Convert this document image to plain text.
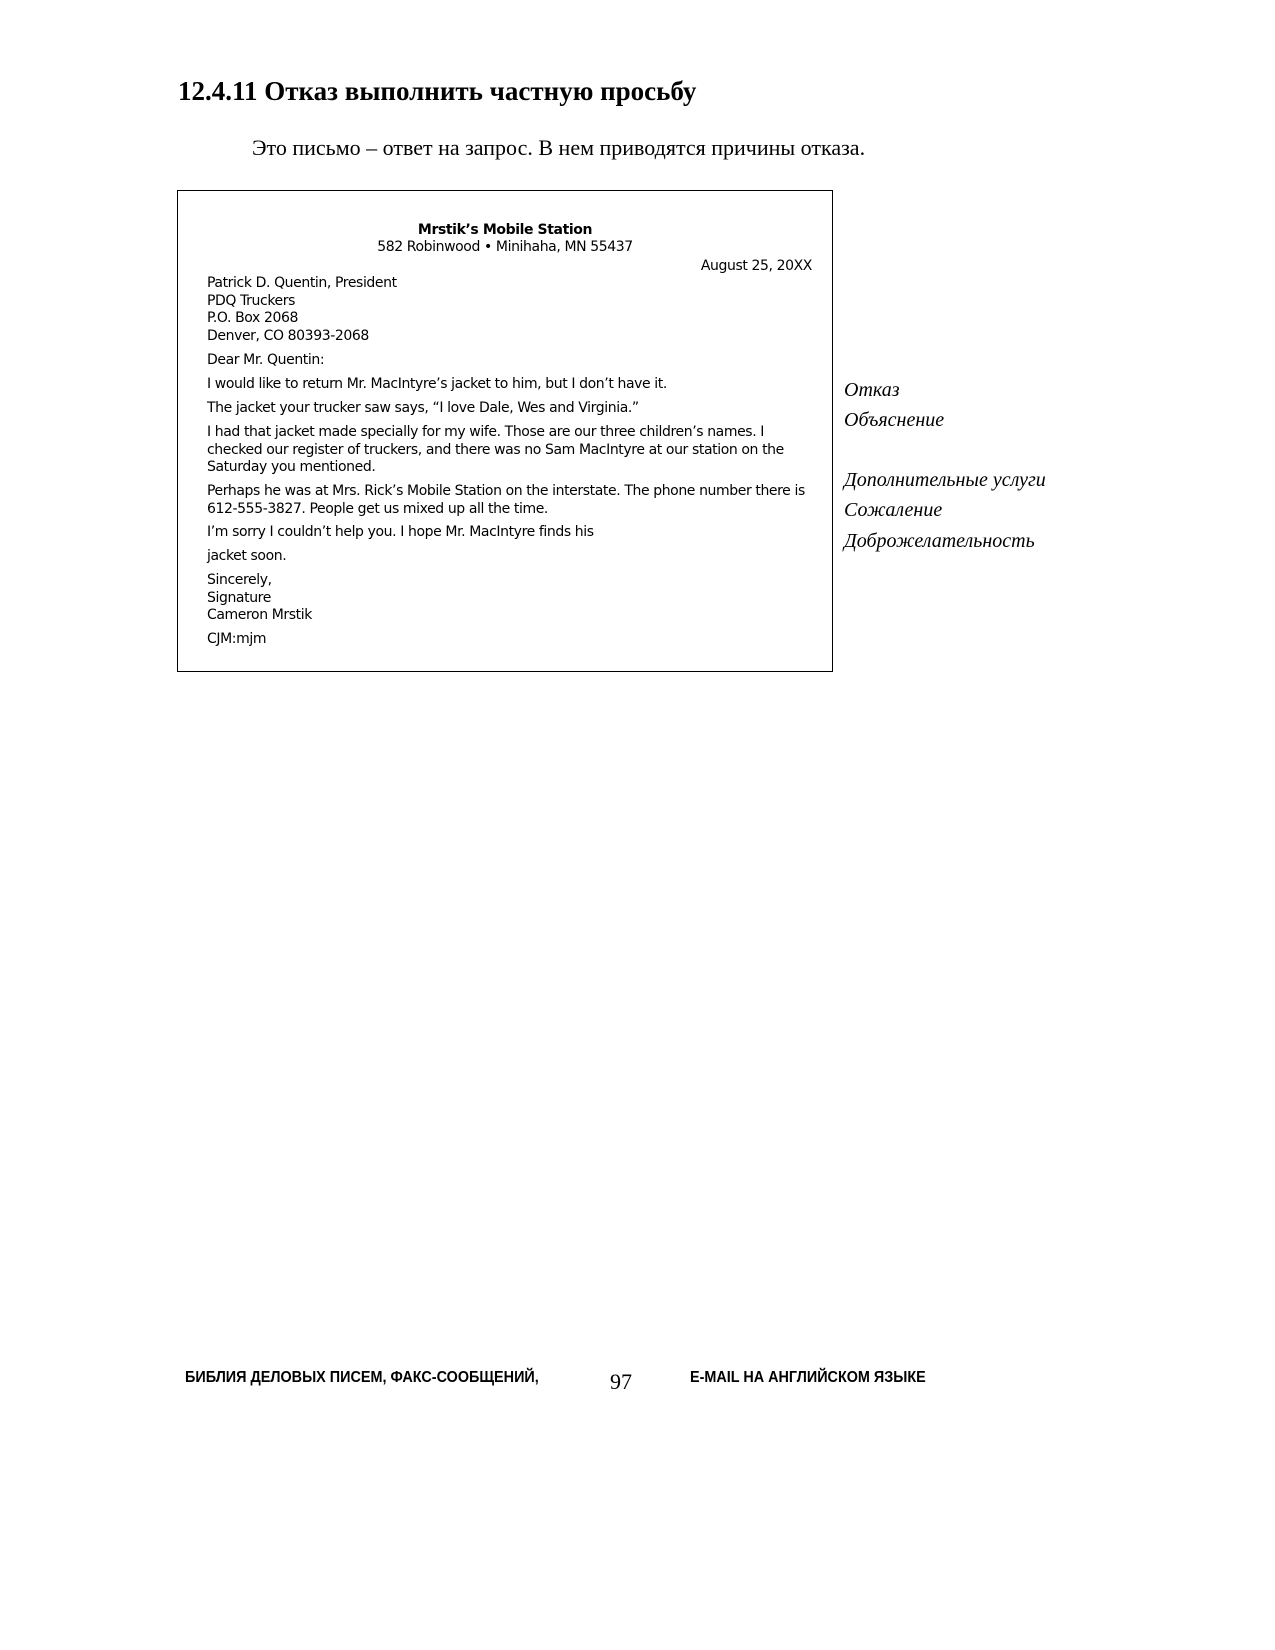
12.4.11 Отказ выполнить частную просьбу
Это письмо – ответ на запрос. В нем приводятся причины отказа.
Mrstik’s Mobile Station
582 Robinwood • Minihaha, MN 55437
August 25, 20XX
Patrick D. Quentin, President
PDQ Truckers
P.O. Box 2068
Denver, CO 80393-2068
Dear Mr. Quentin:
I would like to return Mr. MacIntyre’s jacket to him, but I don’t have it.
The jacket your trucker saw says, “I love Dale, Wes and Virginia.”
I had that jacket made specially for my wife. Those are our three children’s names. I checked our register of truckers, and there was no Sam MacIntyre at our station on the Saturday you mentioned.
Perhaps he was at Mrs. Rick’s Mobile Station on the interstate. The phone number there is 612-555-3827. People get us mixed up all the time.
I’m sorry I couldn’t help you. I hope Mr. MacIntyre finds his
jacket soon.
Sincerely,
Signature
Cameron Mrstik
CJM:mjm
Отказ
Объяснение
Дополнительные услуги
Сожаление
Доброжелательность
БИБЛИЯ ДЕЛОВЫХ ПИСЕМ, ФАКС-СООБЩЕНИЙ,	97	E-MAIL НА АНГЛИЙСКОМ ЯЗЫКЕ
